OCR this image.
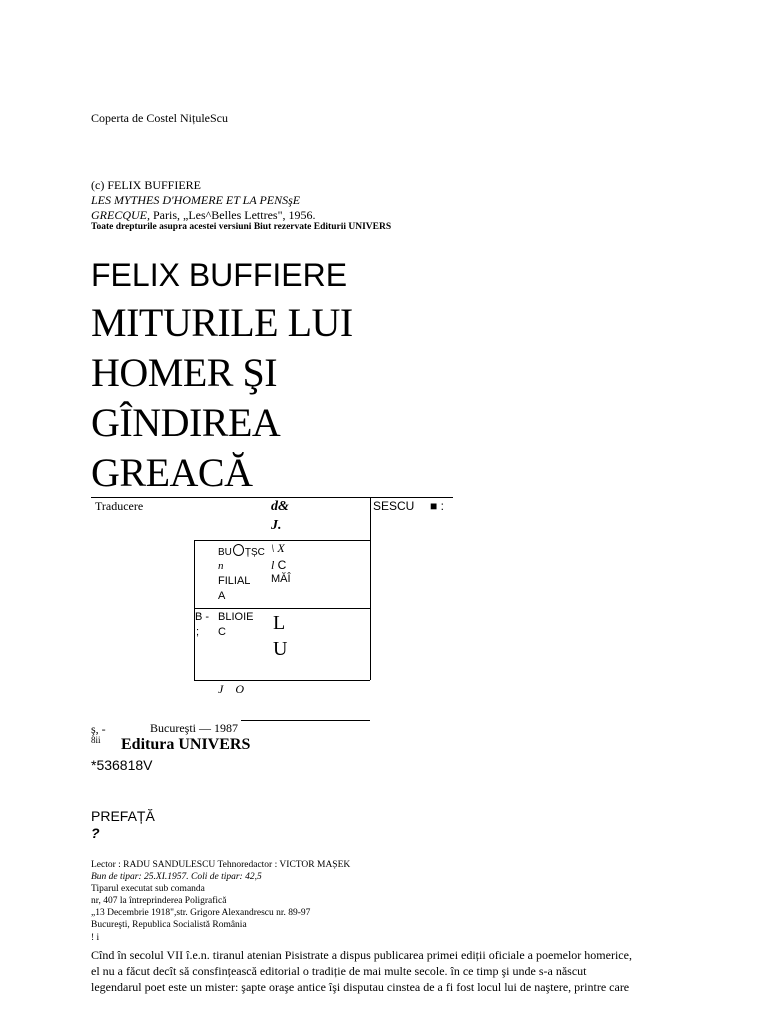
Coperta de Costel NițuleScu
(c) FELIX BUFFIERE
LES MYTHES D'HOMERE ET LA PENSşE
GRECQUE, Paris, „Les^Belles Lettres", 1956.
Toate drepturile asupra acestei versiuni Biut rezervate Editurii UNIVERS
FELIX BUFFIERE
MITURILE LUI
HOMER ŞI
GÎNDIREA
GREACĂ
Traducere	SESCU ■ :
d&
J.
BU ȚȘC
n
FILIAL
A
\ X
l C
MĂÎ
B -
;
BLIOIE
C L
U
J O
ş, -
8ii
Bucureşti — 1987
Editura UNIVERS
*536818V
PREFAȚĂ
?
Lector : RADU SANDULESCU Tehnoredactor : VICTOR MAȘEK
Bun de tipar: 25.XI.1957. Coli de tipar: 42,5
Tiparul executat sub comanda
nr, 407 la întreprinderea Poligrafică
„13 Decembrie 1918",str. Grigore Alexandrescu nr. 89-97
Bucureşti, Republica Socialistă România
! i
Cînd în secolul VII î.e.n. tiranul atenian Pisistrate a dispus publicarea primei ediții oficiale a poemelor homerice,
el nu a făcut decît să consfințească editorial o tradiție de mai multe secole. în ce timp şi unde s-a născut
legendarul poet este un mister: şapte oraşe antice îşi disputau cinstea de a fi fost locul lui de naştere, printre care
